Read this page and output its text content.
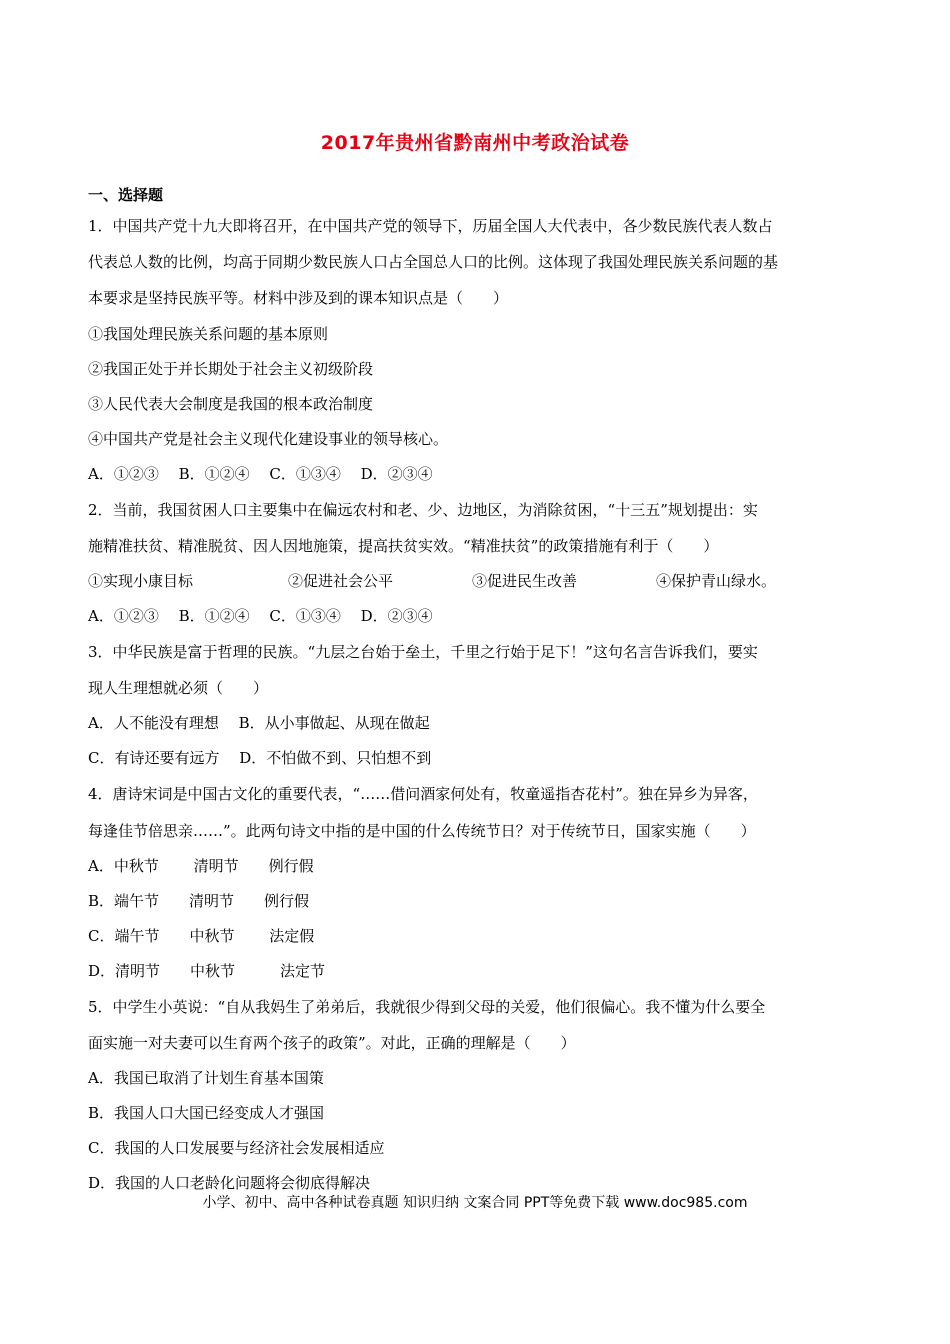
2017年贵州省黔南州中考政治试卷
一、选择题
1．中国共产党十九大即将召开，在中国共产党的领导下，历届全国人大代表中，各少数民族代表人数占
代表总人数的比例，均高于同期少数民族人口占全国总人口的比例。这体现了我国处理民族关系问题的基
本要求是坚持民族平等。材料中涉及到的课本知识点是（　　）
①我国处理民族关系问题的基本原则
②我国正处于并长期处于社会主义初级阶段
③人民代表大会制度是我国的根本政治制度
④中国共产党是社会主义现代化建设事业的领导核心。
A．①②③　 B．①②④　 C．①③④　 D．②③④
2．当前，我国贫困人口主要集中在偏远农村和老、少、边地区，为消除贫困，“十三五”规划提出：实
施精准扶贫、精准脱贫、因人因地施策，提高扶贫实效。“精准扶贫”的政策措施有利于（　　）
①实现小康目标	②促进社会公平	③促进民生改善	④保护青山绿水。
A．①②③　 B．①②④　 C．①③④　 D．②③④
3．中华民族是富于哲理的民族。“九层之台始于垒土，千里之行始于足下！”这句名言告诉我们，要实
现人生理想就必须（　　）
A．人不能没有理想　 B．从小事做起、从现在做起
C．有诗还要有远方　 D．不怕做不到、只怕想不到
4．唐诗宋词是中国古文化的重要代表，“……借问酒家何处有，牧童遥指杏花村”。独在异乡为异客，
每逢佳节倍思亲……”。此两句诗文中指的是中国的什么传统节日？对于传统节日，国家实施（　　）
A．中秋节　　 清明节　　例行假
B．端午节　　清明节　　例行假
C．端午节　　中秋节　　 法定假
D．清明节　　中秋节　　　法定节
5．中学生小英说：“自从我妈生了弟弟后，我就很少得到父母的关爱，他们很偏心。我不懂为什么要全
面实施一对夫妻可以生育两个孩子的政策”。对此，正确的理解是（　　）
A．我国已取消了计划生育基本国策
B．我国人口大国已经变成人才强国
C．我国的人口发展要与经济社会发展相适应
D．我国的人口老龄化问题将会彻底得解决
小学、初中、高中各种试卷真题 知识归纳 文案合同 PPT等免费下载 www.doc985.com
